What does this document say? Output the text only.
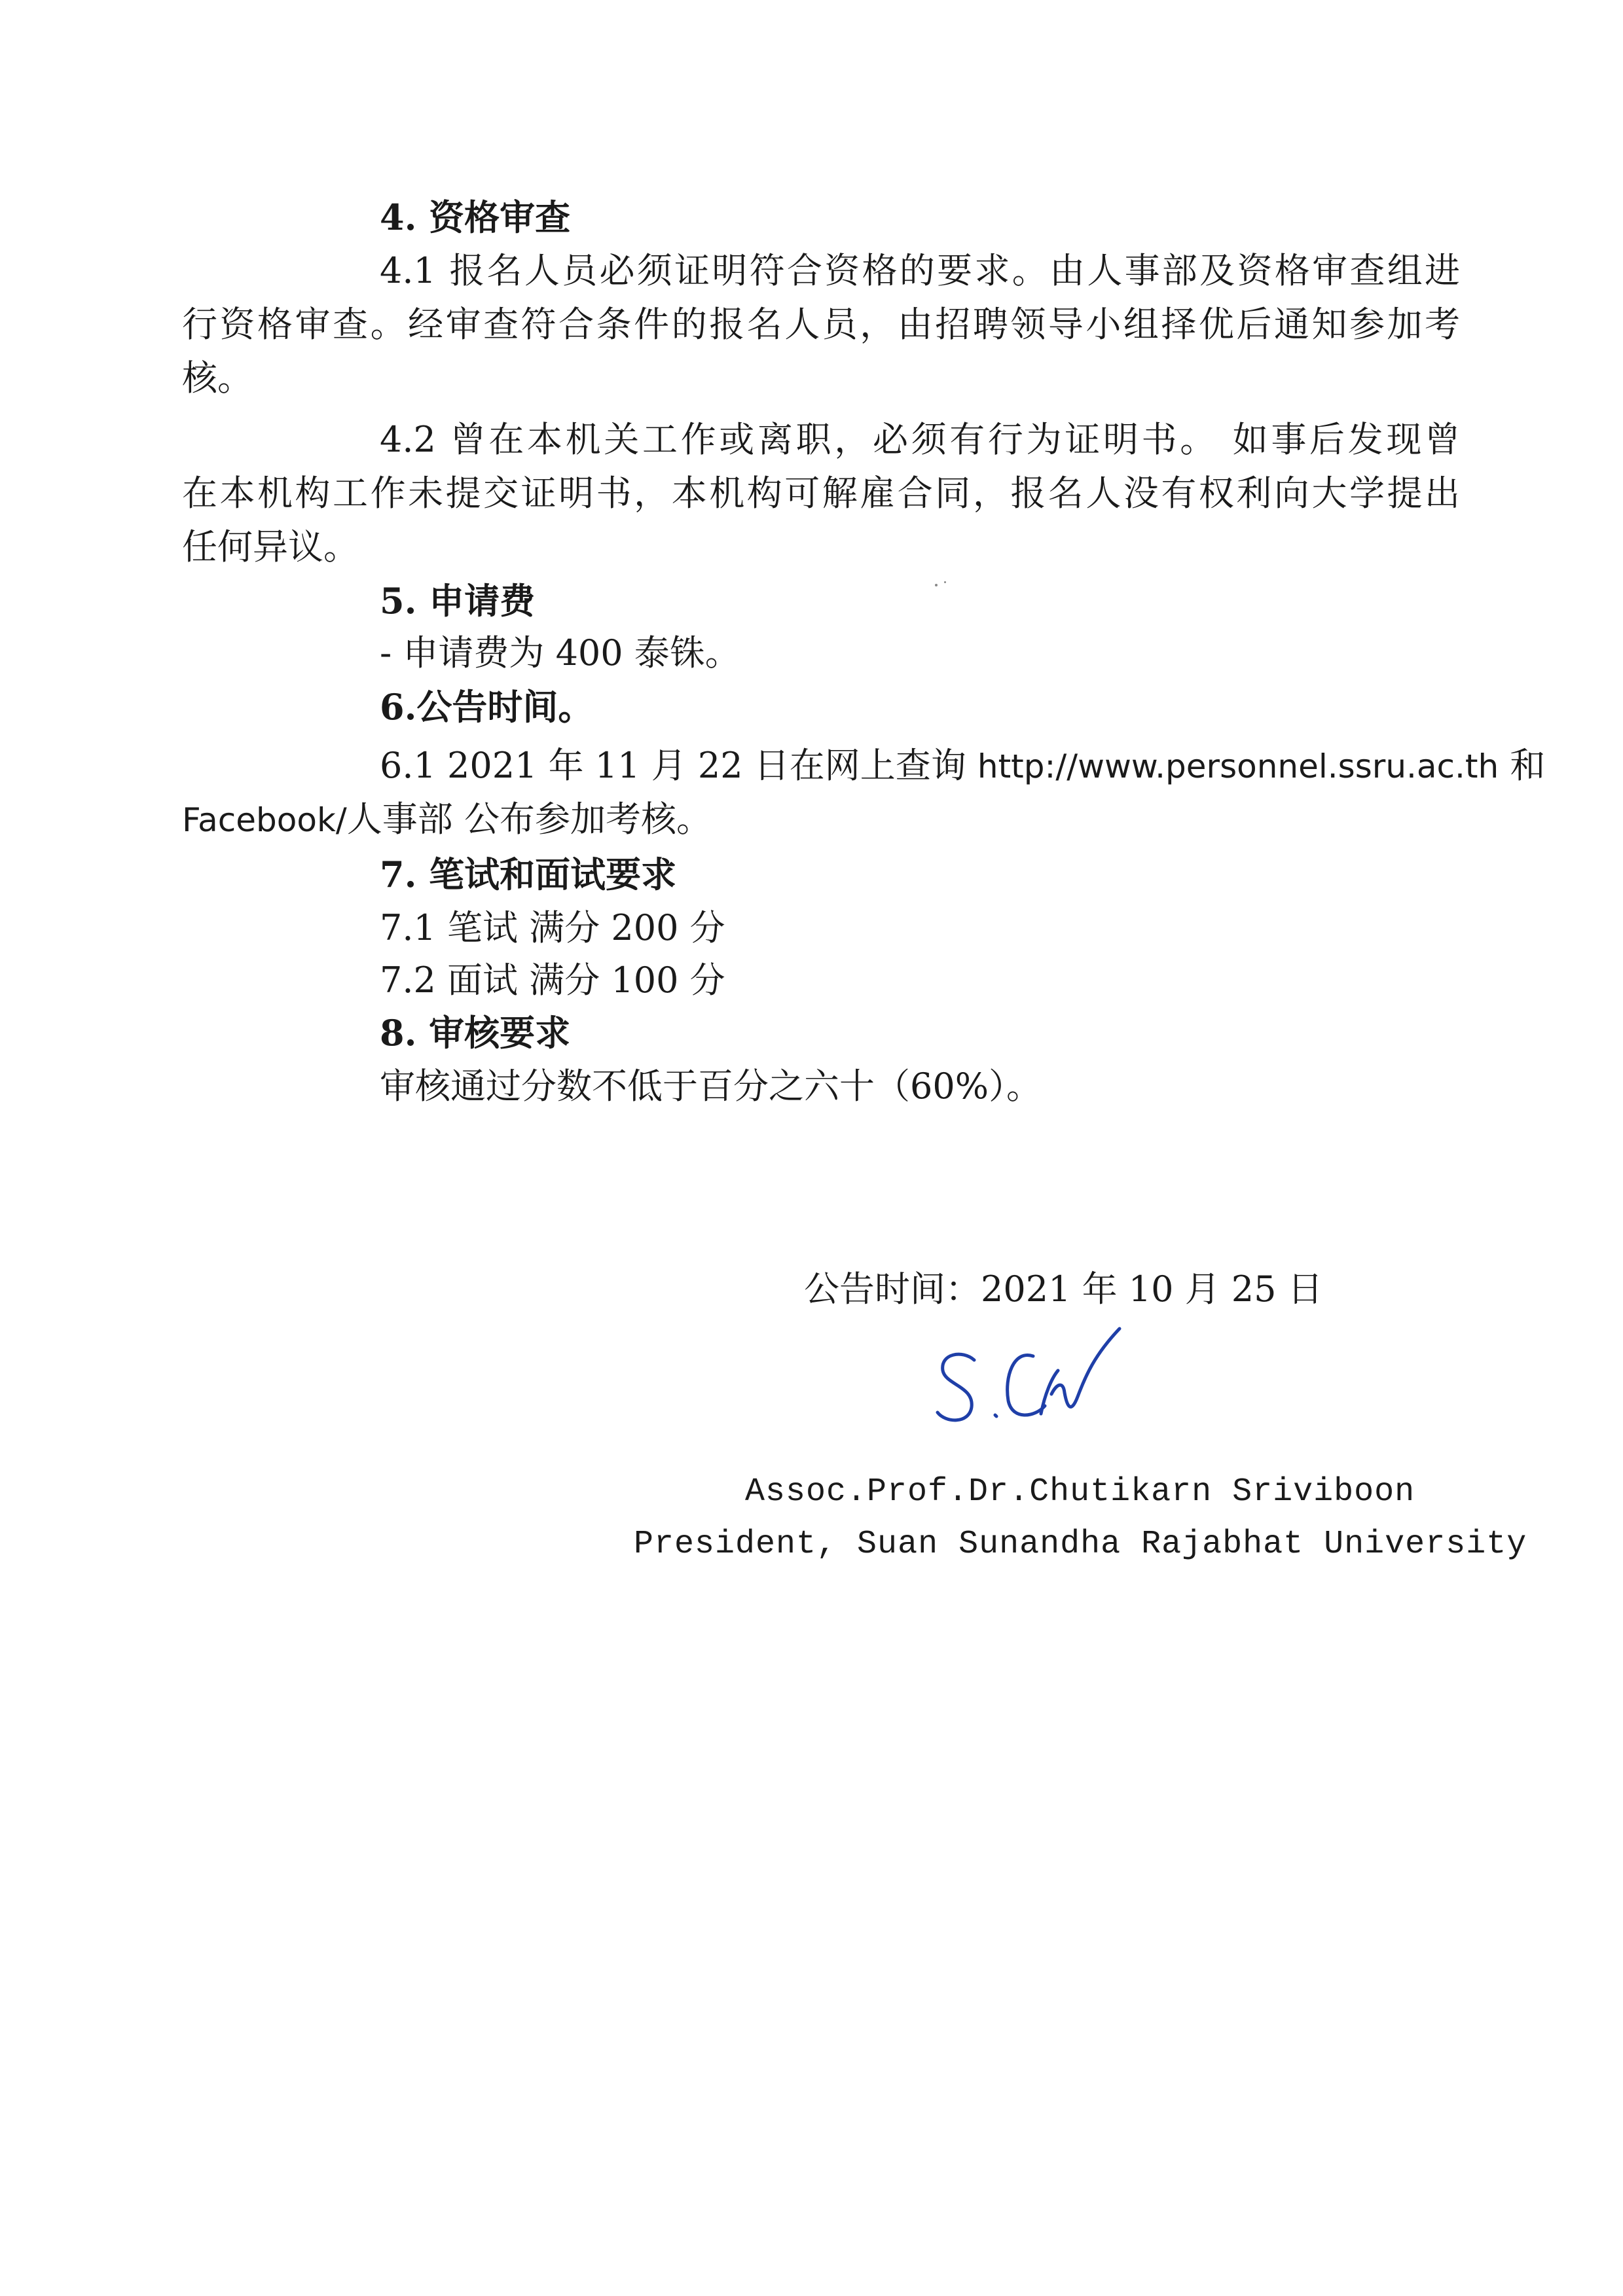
4. 资格审查
4.1 报名人员必须证明符合资格的要求。由人事部及资格审查组进
行资格审查。经审查符合条件的报名人员，由招聘领导小组择优后通知参加考
核。
4.2 曾在本机关工作或离职，必须有行为证明书。 如事后发现曾
在本机构工作未提交证明书，本机构可解雇合同，报名人没有权利向大学提出
任何异议。
5. 申请费
- 申请费为 400 泰铢。
6.公告时间。
6.1 2021 年 11 月 22 日在网上查询 http://www.personnel.ssru.ac.th 和
Facebook/人事部 公布参加考核。
7. 笔试和面试要求
7.1 笔试 满分 200 分
7.2 面试 满分 100 分
8. 审核要求
审核通过分数不低于百分之六十（60%）。
公告时间：2021 年 10 月 25 日
Assoc.Prof.Dr.Chutikarn Sriviboon
President, Suan Sunandha Rajabhat University
